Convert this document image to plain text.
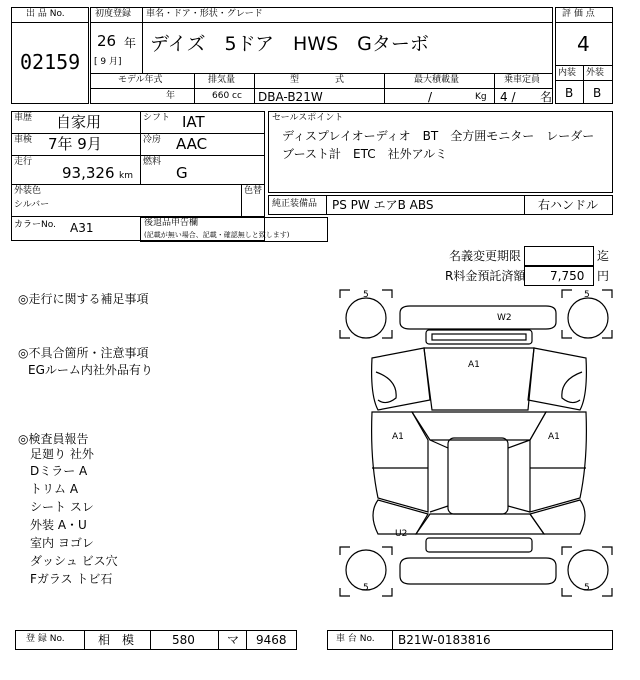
出 品 No.
02159
初度登録 車名・ドア・形状・グレード
26 年
[ 9 月]
デイズ　5ドア　HWS　Gターボ
モデル年式
年
排気量
660 cc
型　　　　式
DBA-B21W
最大積載量
/	Kg
乗車定員
4 / 名
評 価 点
4
内装 外装
B B
車歴 自家用
車検 7年 9月
走行
93,326 km
シフト IAT
冷房 AAC
燃料
G
外装色
シルバー
色替
カラーNo. A31
セールスポイント
ディスプレイオーディオ　BT　全方囲モニター　レーダー
ブースト計　ETC　社外アルミ
純正装備品 PS PW エアB ABS	右ハンドル
後退品申告欄
(記載が無い場合、記載・確認無しと致します)
名義変更期限	迄
R料金預託済額 7,750 円
◎走行に関する補足事項
◎不具合箇所・注意事項
EGルーム内社外品有り
◎検査員報告
足廻り 社外
Dミラー A
トリム A
シート スレ
外装 A・U
室内 ヨゴレ
ダッシュ ビス穴
Fガラス トビ石
5	5
5	5
W2
A1
A1	A1
U2
登 録 No.	相　模	580	マ 9468	車 台 No. B21W-0183816
